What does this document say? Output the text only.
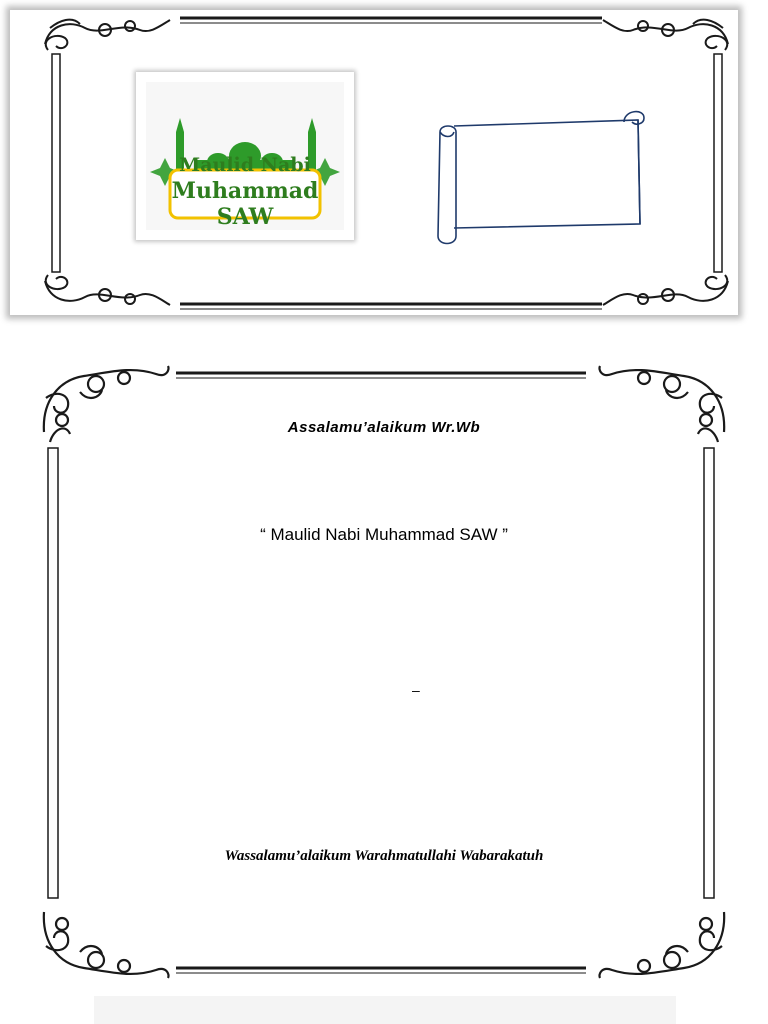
Maulid Nabi
Muhammad SAW
Assalamu’alaikum Wr.Wb
“ Maulid Nabi Muhammad SAW ”
–
Wassalamu’alaikum Warahmatullahi Wabarakatuh
